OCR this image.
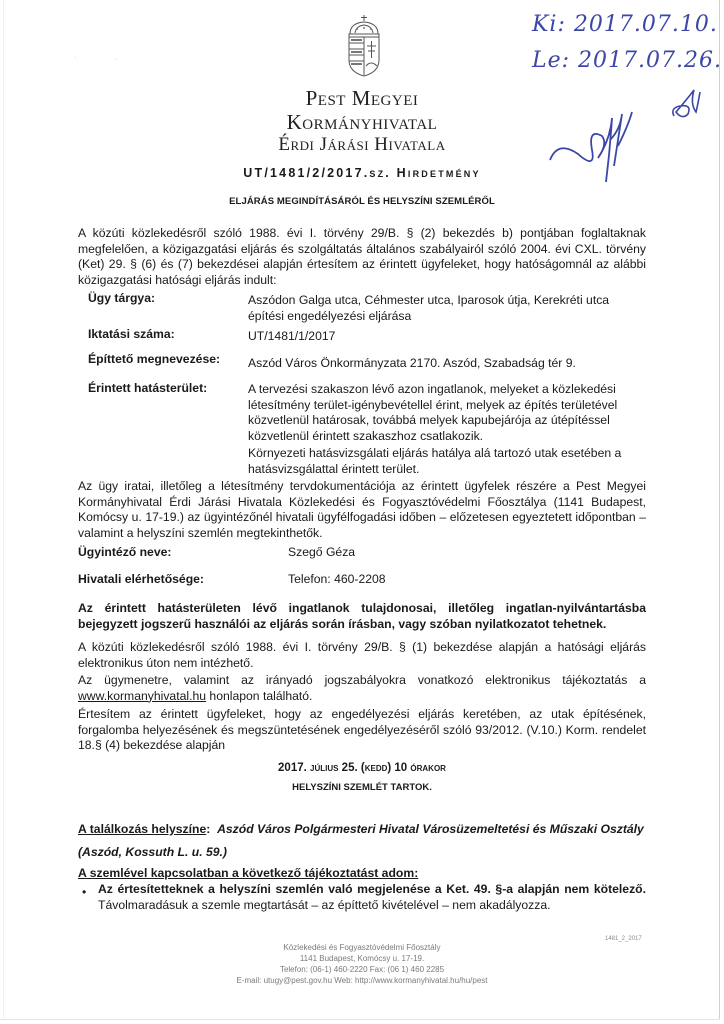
·	·
Pest Megyei
Kormányhivatal
Érdi Járási Hivatala
UT/1481/2/2017.sz. Hirdetmény
ELJÁRÁS MEGINDÍTÁSÁRÓL ÉS HELYSZÍNI SZEMLÉRŐL
Ki: 2017.07.10.
Le: 2017.07.26.
A közúti közlekedésről szóló 1988. évi I. törvény 29/B. § (2) bekezdés b) pontjában foglaltaknak megfelelően, a közigazgatási eljárás és szolgáltatás általános szabályairól szóló 2004. évi CXL. törvény (Ket) 29. § (6) és (7) bekezdései alapján értesítem az érintett ügyfeleket, hogy hatóságomnál az alábbi közigazgatási hatósági eljárás indult:
Ügy tárgya:	Aszódon Galga utca, Céhmester utca, Iparosok útja, Kerekréti utca építési engedélyezési eljárása
Iktatási száma:	UT/1481/1/2017
Építtető megnevezése: Aszód Város Önkormányzata 2170. Aszód, Szabadság tér 9.
Érintett hatásterület:	A tervezési szakaszon lévő azon ingatlanok, melyeket a közlekedési létesítmény terület-igénybevétellel érint, melyek az építés területével közvetlenül határosak, továbbá melyek kapubejárója az útépítéssel közvetlenül érintett szakaszhoz csatlakozik.
Környezeti hatásvizsgálati eljárás hatálya alá tartozó utak esetében a hatásvizsgálattal érintett terület.
Az ügy iratai, illetőleg a létesítmény tervdokumentációja az érintett ügyfelek részére a Pest Megyei Kormányhivatal Érdi Járási Hivatala Közlekedési és Fogyasztóvédelmi Főosztálya (1141 Budapest, Komócsy u. 17-19.) az ügyintézőnél hivatali ügyfélfogadási időben – előzetesen egyeztetett időpontban – valamint a helyszíni szemlén megtekinthetők.
Ügyintéző neve:	Szegő Géza
Hivatali elérhetősége:	Telefon: 460-2208
Az érintett hatásterületen lévő ingatlanok tulajdonosai, illetőleg ingatlan-nyilvántartásba bejegyzett jogszerű használói az eljárás során írásban, vagy szóban nyilatkozatot tehetnek.
A közúti közlekedésről szóló 1988. évi I. törvény 29/B. § (1) bekezdése alapján a hatósági eljárás elektronikus úton nem intézhető.
Az ügymenetre, valamint az irányadó jogszabályokra vonatkozó elektronikus tájékoztatás a www.kormanyhivatal.hu honlapon található.
Értesítem az érintett ügyfeleket, hogy az engedélyezési eljárás keretében, az utak építésének, forgalomba helyezésének és megszüntetésének engedélyezéséről szóló 93/2012. (V.10.) Korm. rendelet 18.§ (4) bekezdése alapján
2017. július 25. (kedd) 10 órakor
HELYSZÍNI SZEMLÉT TARTOK.
A találkozás helyszíne: Aszód Város Polgármesteri Hivatal Városüzemeltetési és Műszaki Osztály
(Aszód, Kossuth L. u. 59.)
A szemlével kapcsolatban a következő tájékoztatást adom:
• Az értesítetteknek a helyszíni szemlén való megjelenése a Ket. 49. §-a alapján nem kötelező. Távolmaradásuk a szemle megtartását – az építtető kivételével – nem akadályozza.
1481_2_2017
Közlekedési és Fogyasztóvédelmi Főosztály
1141 Budapest, Komócsy u. 17-19.
Telefon: (06-1) 460-2220 Fax: (06 1) 460 2285
E-mail: utugy@pest.gov.hu Web: http://www.kormanyhivatal.hu/hu/pest
